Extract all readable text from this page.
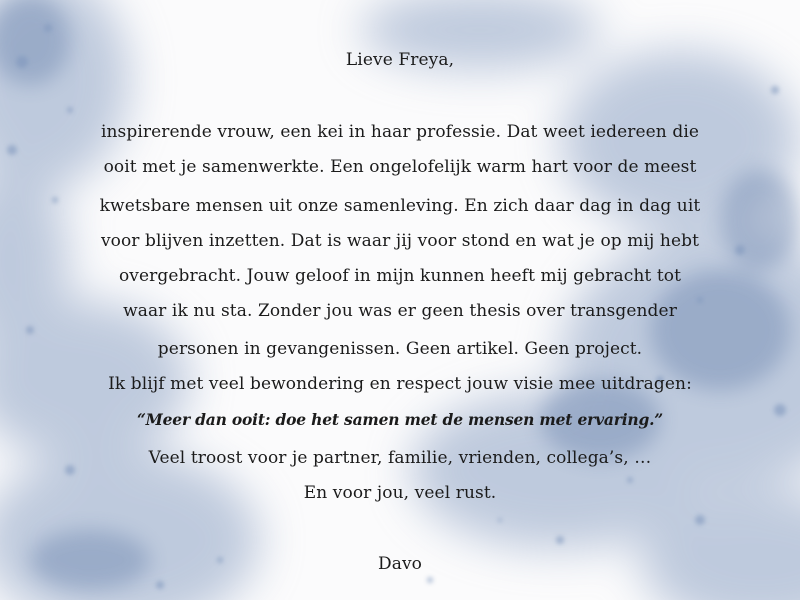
Lieve Freya,
inspirerende vrouw, een kei in haar professie. Dat weet iedereen die
ooit met je samenwerkte. Een ongelofelijk warm hart voor de meest
kwetsbare mensen uit onze samenleving. En zich daar dag in dag uit
voor blijven inzetten. Dat is waar jij voor stond en wat je op mij hebt
overgebracht. Jouw geloof in mijn kunnen heeft mij gebracht tot
waar ik nu sta. Zonder jou was er geen thesis over transgender
personen in gevangenissen. Geen artikel. Geen project.
Ik blijf met veel bewondering en respect jouw visie mee uitdragen:
“Meer dan ooit: doe het samen met de mensen met ervaring.”
Veel troost voor je partner, familie, vrienden, collega’s, …
En voor jou, veel rust.
Davo
